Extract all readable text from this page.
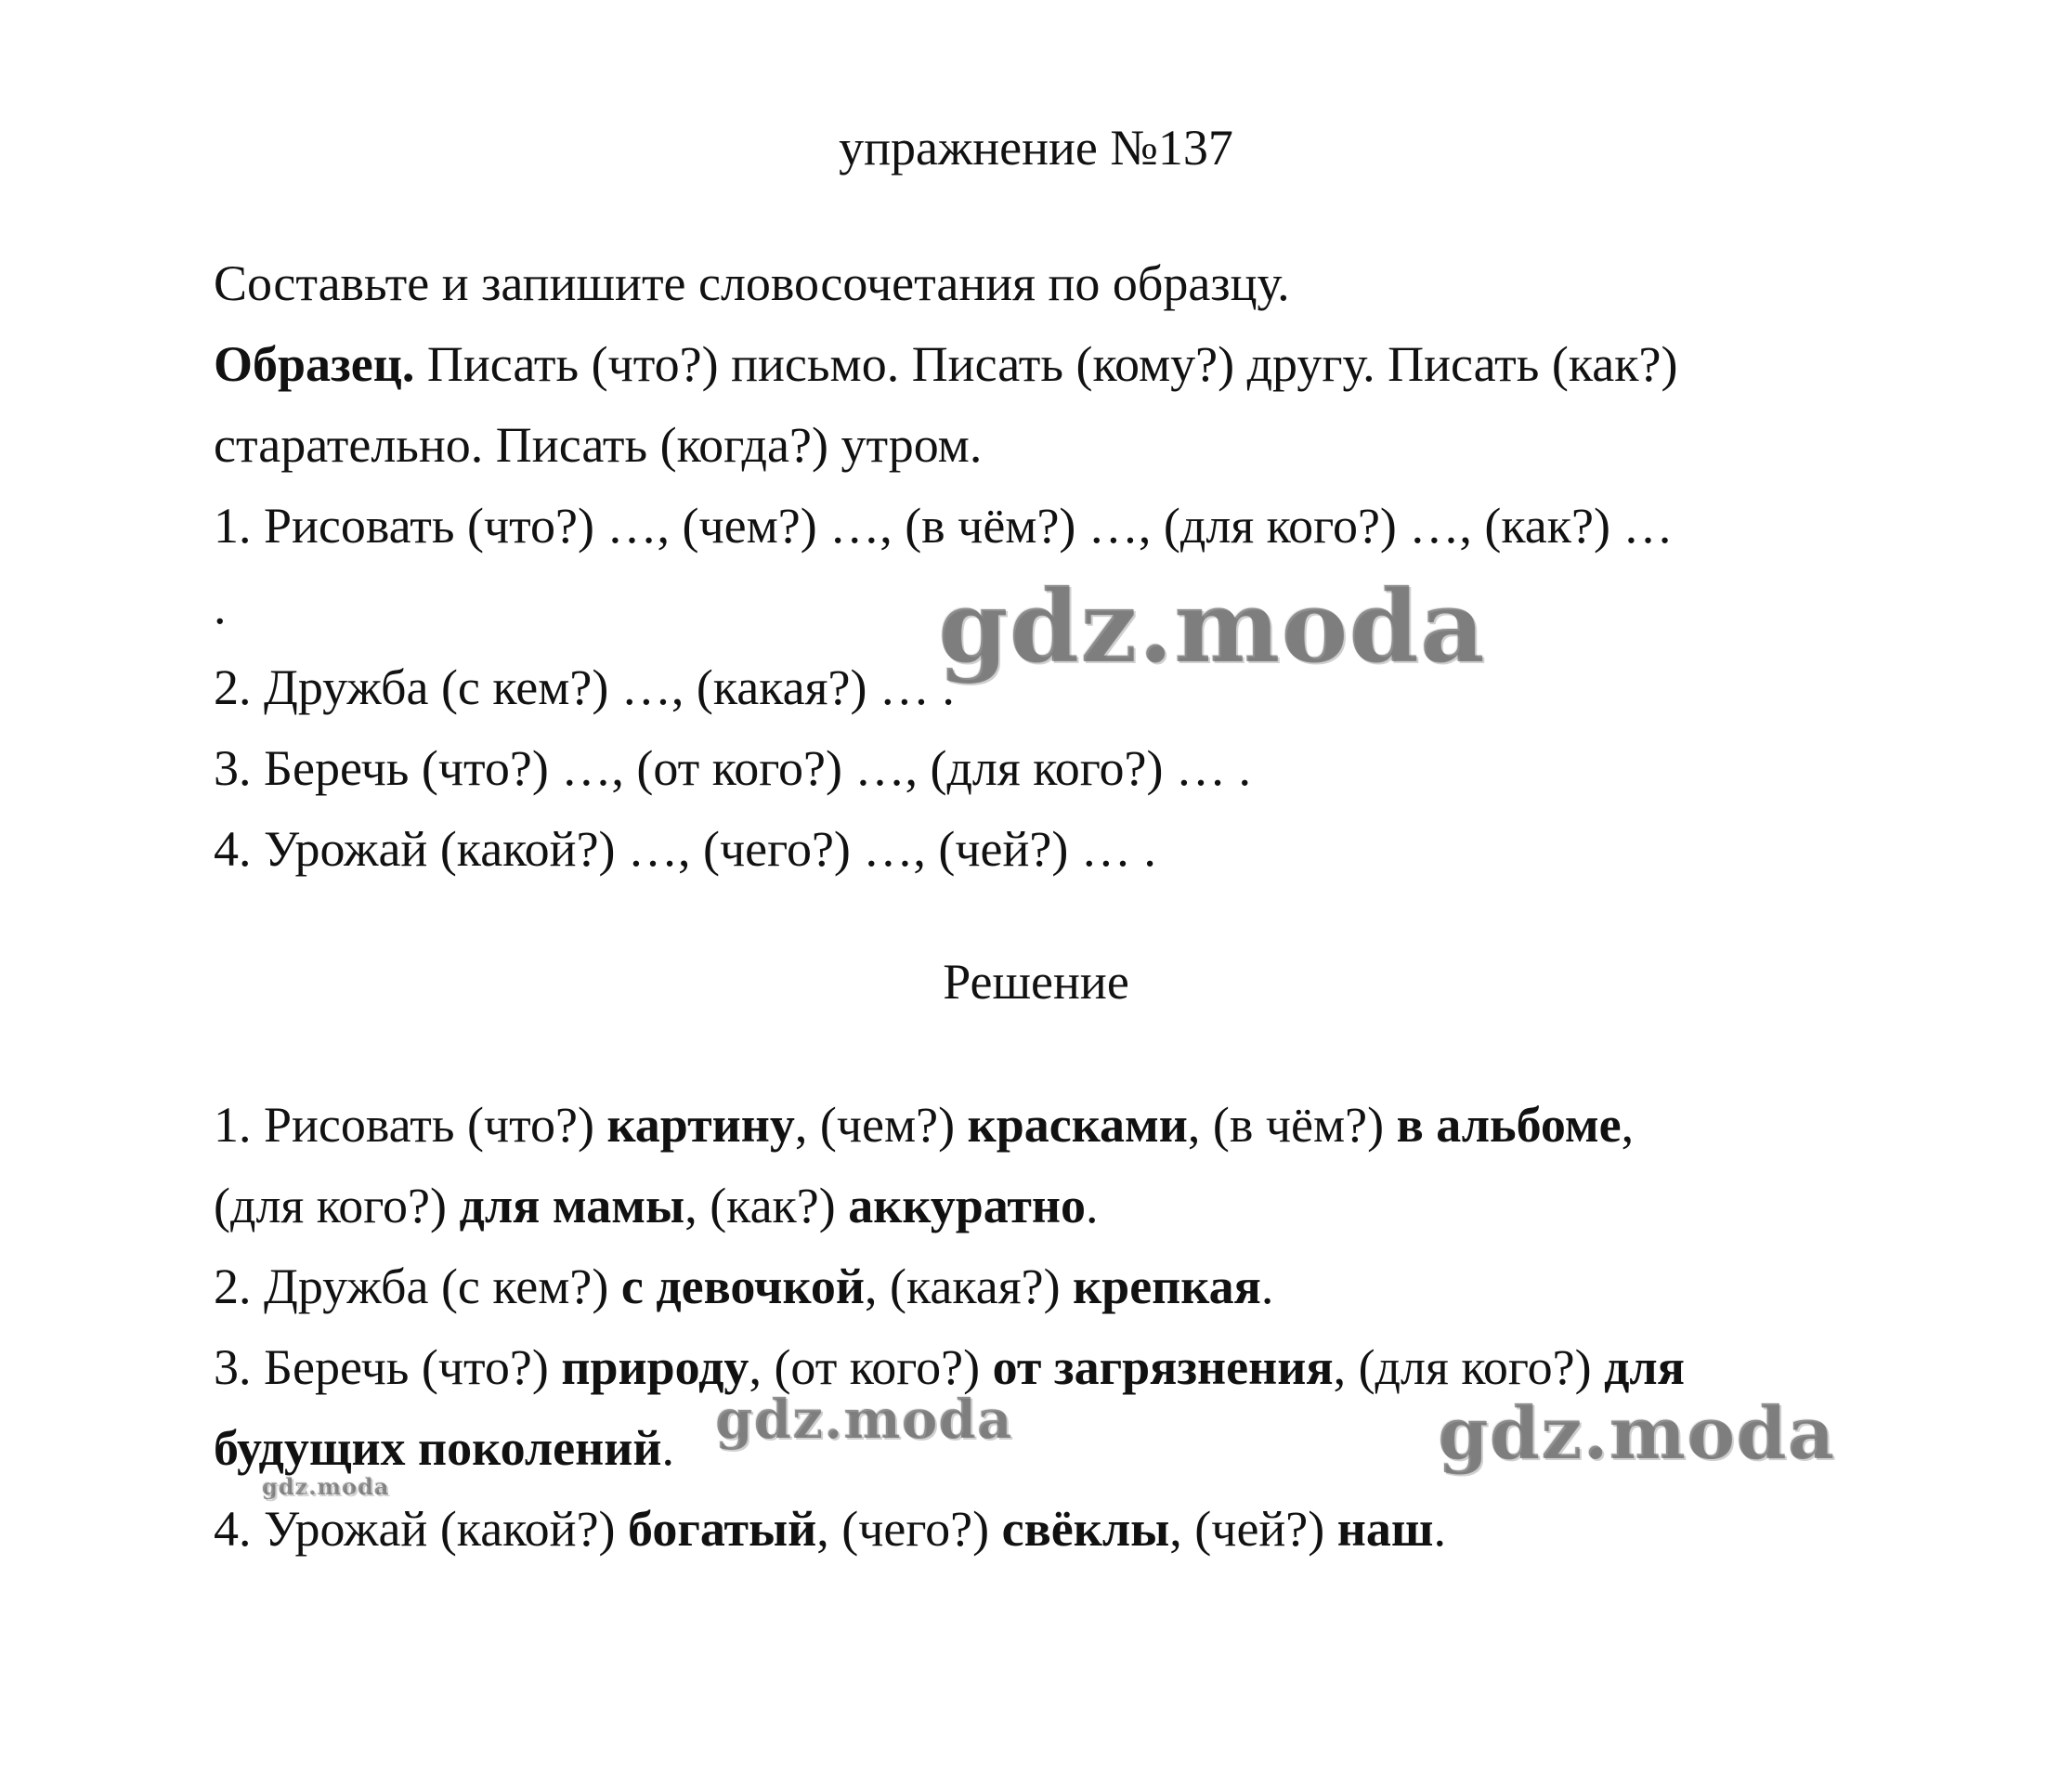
упражнение №137
Составьте и запишите словосочетания по образцу.
Образец. Писать (что?) письмо. Писать (кому?) другу. Писать (как?)
старательно. Писать (когда?) утром.
1. Рисовать (что?) …, (чем?) …, (в чём?) …, (для кого?) …, (как?) …
.
2. Дружба (с кем?) …, (какая?) … .
3. Беречь (что?) …, (от кого?) …, (для кого?) … .
4. Урожай (какой?) …, (чего?) …, (чей?) … .
Решение
1. Рисовать (что?) картину, (чем?) красками, (в чём?) в альбоме,
(для кого?) для мамы, (как?) аккуратно.
2. Дружба (с кем?) с девочкой, (какая?) крепкая.
3. Беречь (что?) природу, (от кого?) от загрязнения, (для кого?) для
будущих поколений.
4. Урожай (какой?) богатый, (чего?) свёклы, (чей?) наш.
gdz.moda
gdz.moda	gdz.moda
gdz.moda
